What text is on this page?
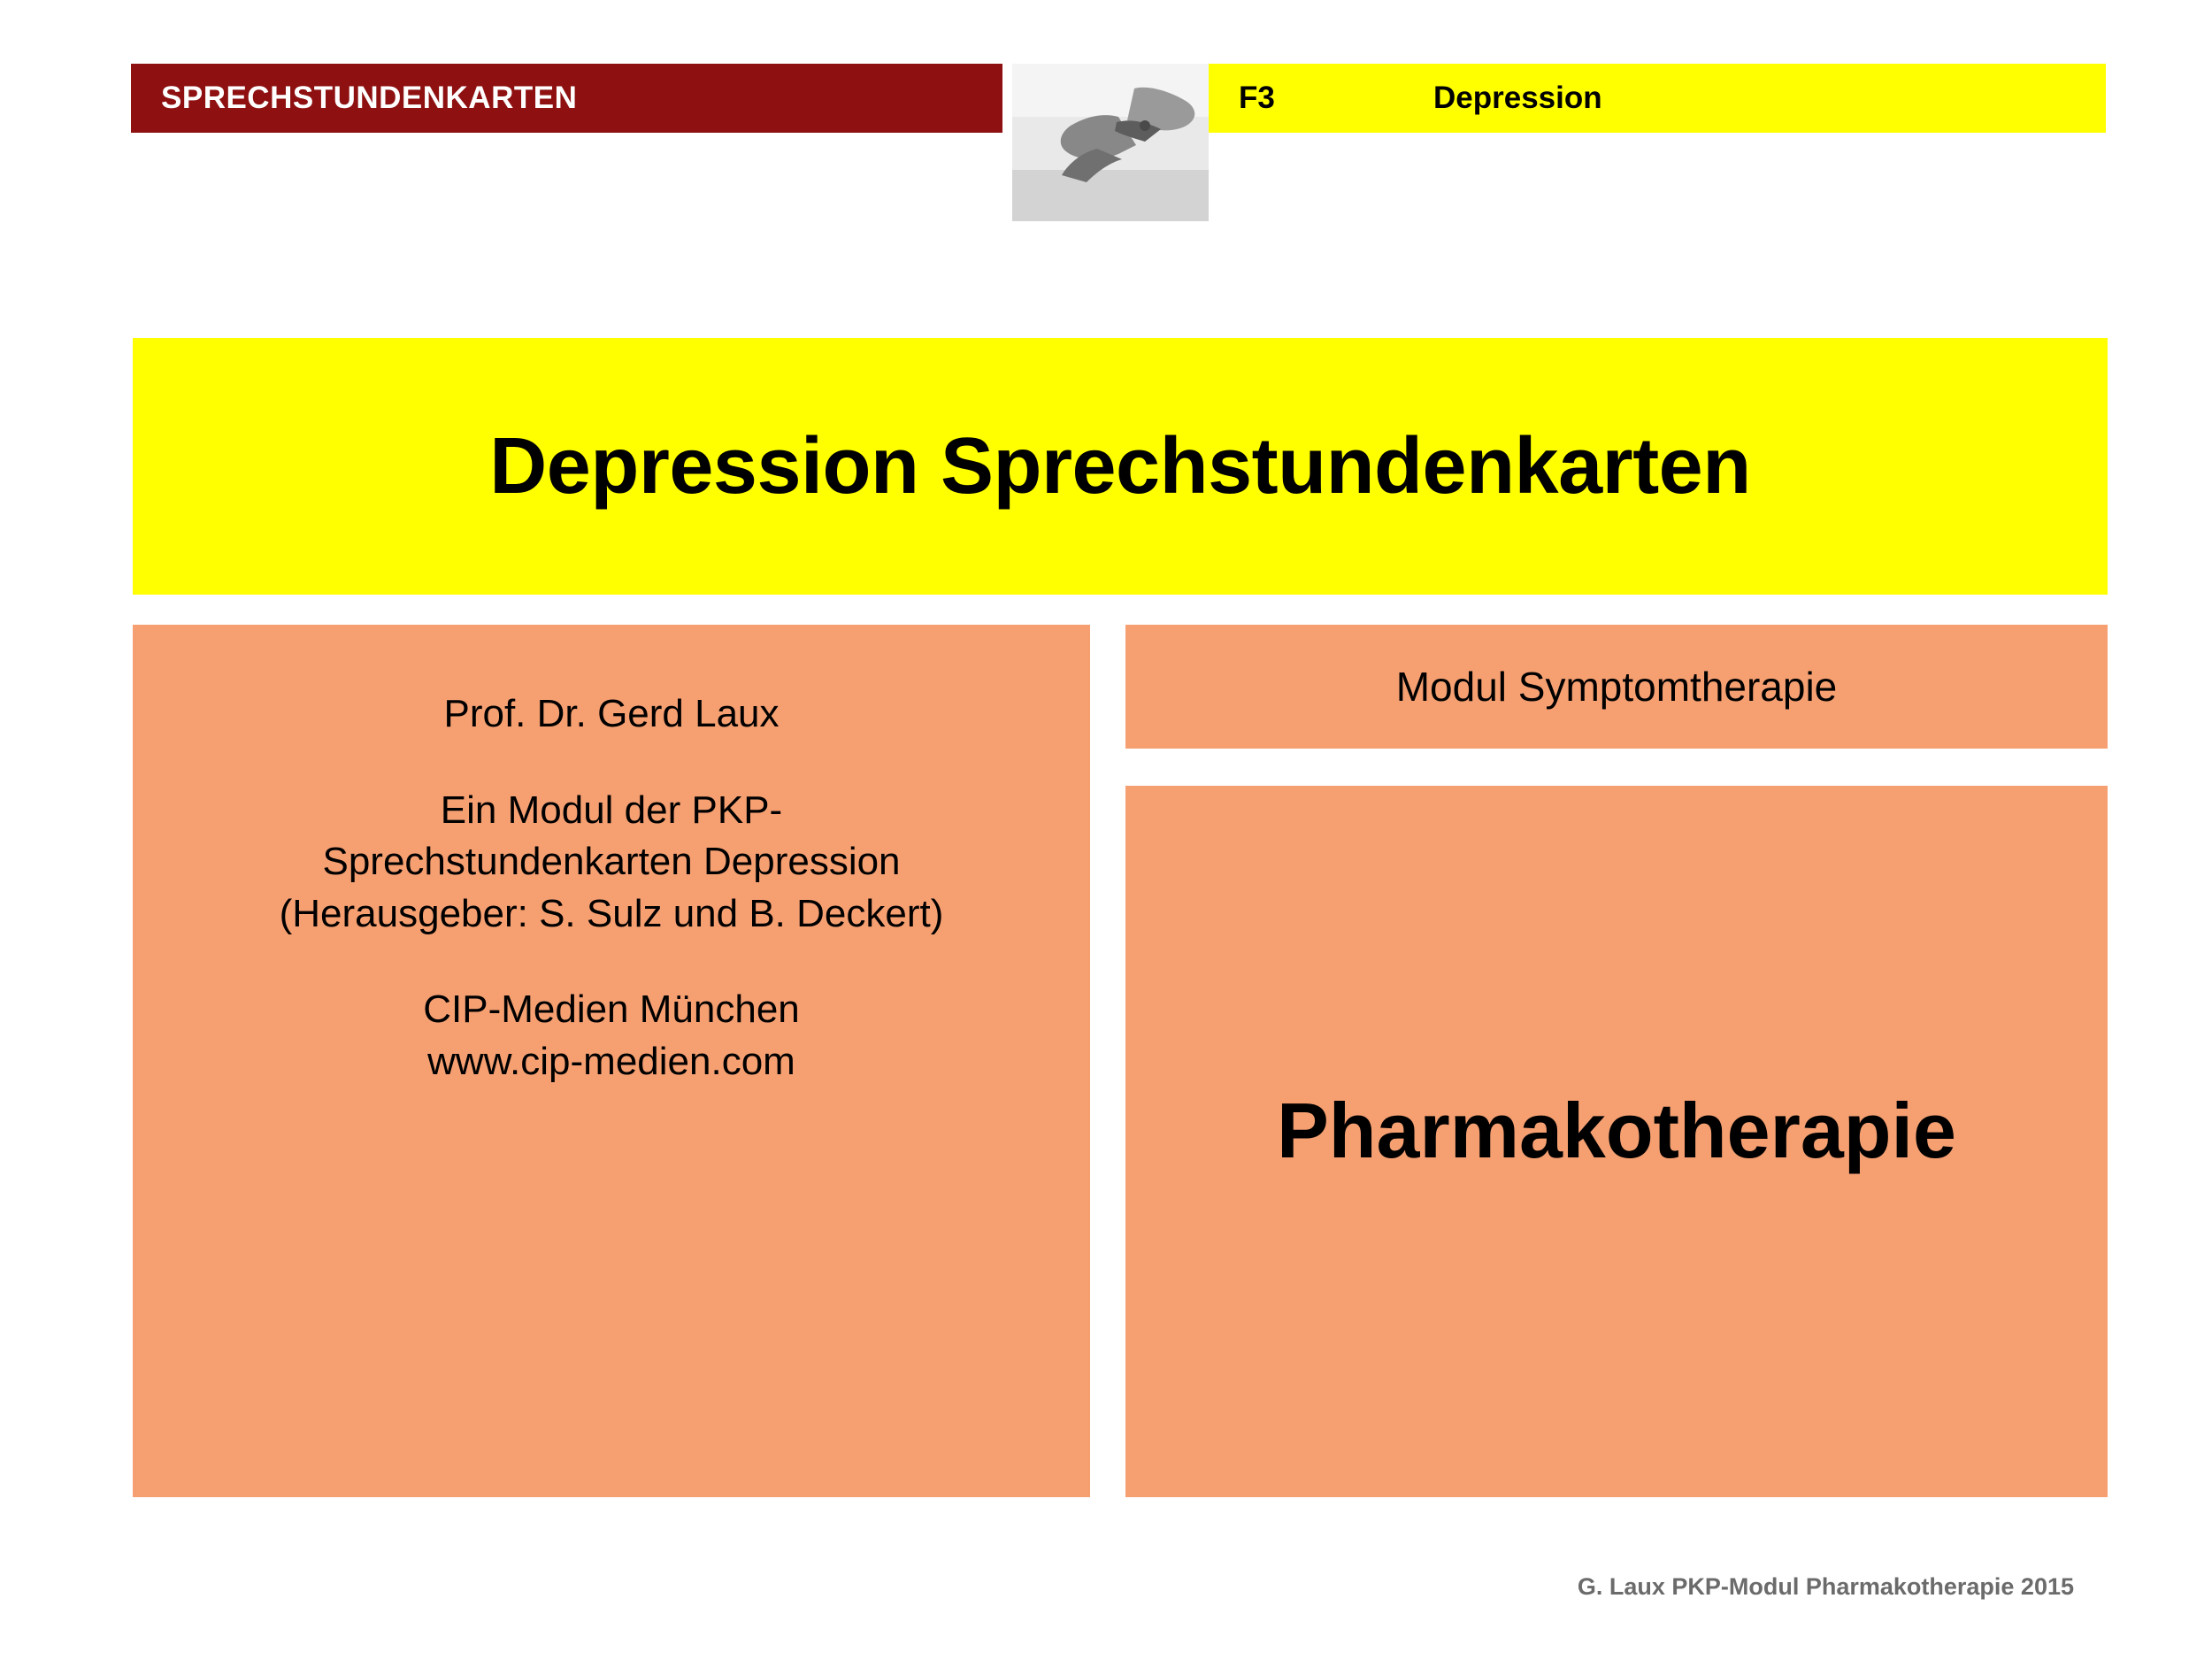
SPRECHSTUNDENKARTEN	F3	Depression
Depression Sprechstundenkarten

Prof. Dr. Gerd Laux

Ein Modul der PKP-

Sprechstundenkarten Depression

(Herausgeber: S. Sulz und B. Deckert)

CIP-Medien München

www.cip-medien.com

Modul Symptomtherapie
Pharmakotherapie
G. Laux PKP-Modul Pharmakotherapie 2015
